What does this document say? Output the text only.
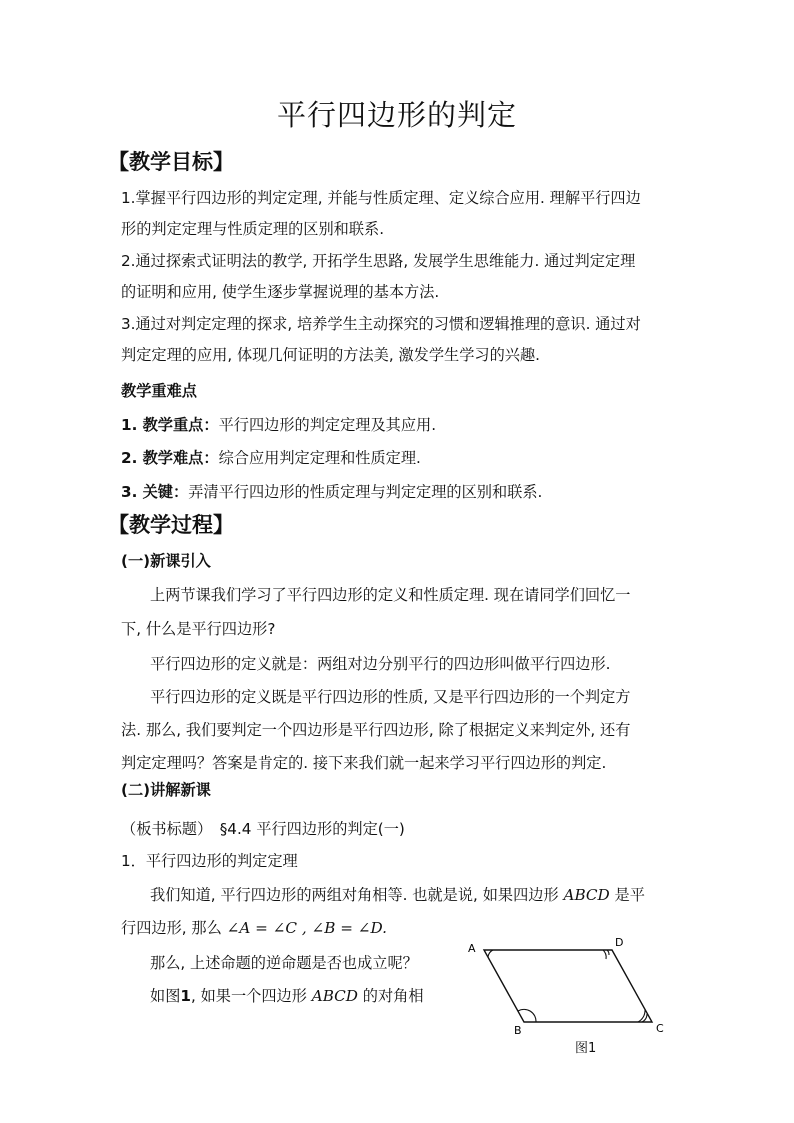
平行四边形的判定
【教学目标】
1.掌握平行四边形的判定定理, 并能与性质定理、定义综合应用. 理解平行四边
形的判定定理与性质定理的区别和联系.
2.通过探索式证明法的教学, 开拓学生思路, 发展学生思维能力. 通过判定定理
的证明和应用, 使学生逐步掌握说理的基本方法.
3.通过对判定定理的探求, 培养学生主动探究的习惯和逻辑推理的意识. 通过对
判定定理的应用, 体现几何证明的方法美, 激发学生学习的兴趣.
教学重难点
1. 教学重点：平行四边形的判定定理及其应用.
2. 教学难点：综合应用判定定理和性质定理.
3. 关键：弄清平行四边形的性质定理与判定定理的区别和联系.
【教学过程】
(一)新课引入
上两节课我们学习了平行四边形的定义和性质定理. 现在请同学们回忆一
下, 什么是平行四边形?
平行四边形的定义就是：两组对边分别平行的四边形叫做平行四边形.
平行四边形的定义既是平行四边形的性质, 又是平行四边形的一个判定方
法. 那么, 我们要判定一个四边形是平行四边形, 除了根据定义来判定外, 还有
判定定理吗？答案是肯定的. 接下来我们就一起来学习平行四边形的判定.
(二)讲解新课
（板书标题）　§4.4 平行四边形的判定(一)
1．平行四边形的判定定理
我们知道, 平行四边形的两组对角相等. 也就是说, 如果四边形 ABCD 是平
行四边形, 那么 ∠A = ∠C , ∠B = ∠D.
那么, 上述命题的逆命题是否也成立呢？
如图1, 如果一个四边形 ABCD 的对角相
A	D
B	C
图1
